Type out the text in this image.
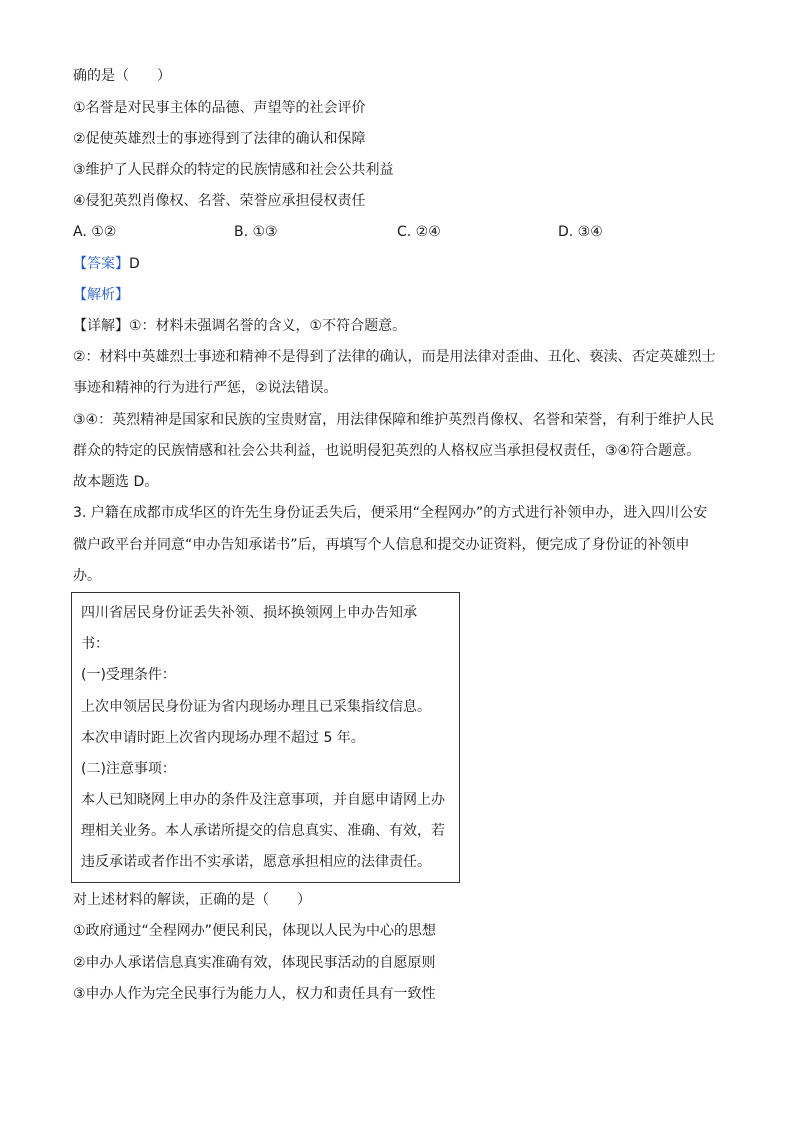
确的是（　　）
①名誉是对民事主体的品德、声望等的社会评价
②促使英雄烈士的事迹得到了法律的确认和保障
③维护了人民群众的特定的民族情感和社会公共利益
④侵犯英烈肖像权、名誉、荣誉应承担侵权责任
A. ①②	B. ①③	C. ②④	D. ③④
【答案】D
【解析】
【详解】①：材料未强调名誉的含义，①不符合题意。
②：材料中英雄烈士事迹和精神不是得到了法律的确认，而是用法律对歪曲、丑化、亵渎、否定英雄烈士
事迹和精神的行为进行严惩，②说法错误。
③④：英烈精神是国家和民族的宝贵财富，用法律保障和维护英烈肖像权、名誉和荣誉，有利于维护人民
群众的特定的民族情感和社会公共利益，也说明侵犯英烈的人格权应当承担侵权责任，③④符合题意。
故本题选 D。
3. 户籍在成都市成华区的许先生身份证丢失后，便采用“全程网办”的方式进行补领申办，进入四川公安
微户政平台并同意“申办告知承诺书”后，再填写个人信息和提交办证资料，便完成了身份证的补领申
办。
四川省居民身份证丢失补领、损坏换领网上申办告知承
书：
(一)受理条件：
上次申领居民身份证为省内现场办理且已采集指纹信息。
本次申请时距上次省内现场办理不超过 5 年。
(二)注意事项：
本人已知晓网上申办的条件及注意事项，并自愿申请网上办
理相关业务。本人承诺所提交的信息真实、准确、有效，若
违反承诺或者作出不实承诺，愿意承担相应的法律责任。
对上述材料的解读，正确的是（　　）
①政府通过“全程网办”便民利民，体现以人民为中心的思想
②申办人承诺信息真实准确有效，体现民事活动的自愿原则
③申办人作为完全民事行为能力人，权力和责任具有一致性
